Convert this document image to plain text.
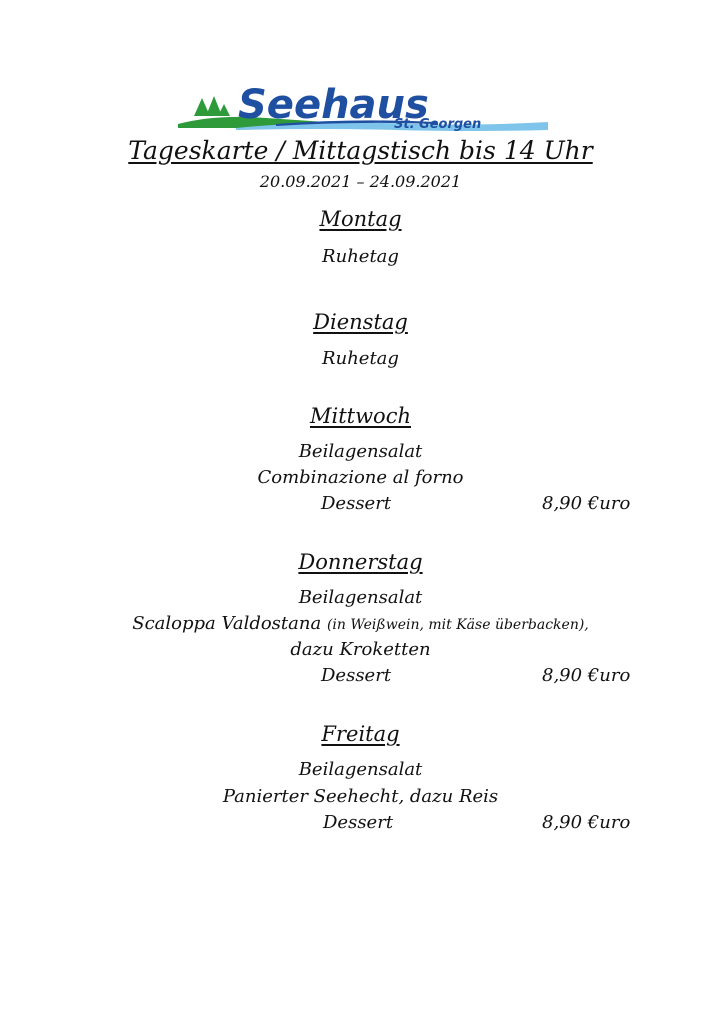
Seehaus
St. Georgen
Tageskarte / Mittagstisch bis 14 Uhr
20.09.2021 – 24.09.2021
Montag
Ruhetag
Dienstag
Ruhetag
Mittwoch
Beilagensalat
Combinazione al forno
Dessert	8,90 €uro
Donnerstag
Beilagensalat
Scaloppa Valdostana (in Weißwein, mit Käse überbacken),
dazu Kroketten
Dessert	8,90 €uro
Freitag
Beilagensalat
Panierter Seehecht, dazu Reis
Dessert	8,90 €uro
